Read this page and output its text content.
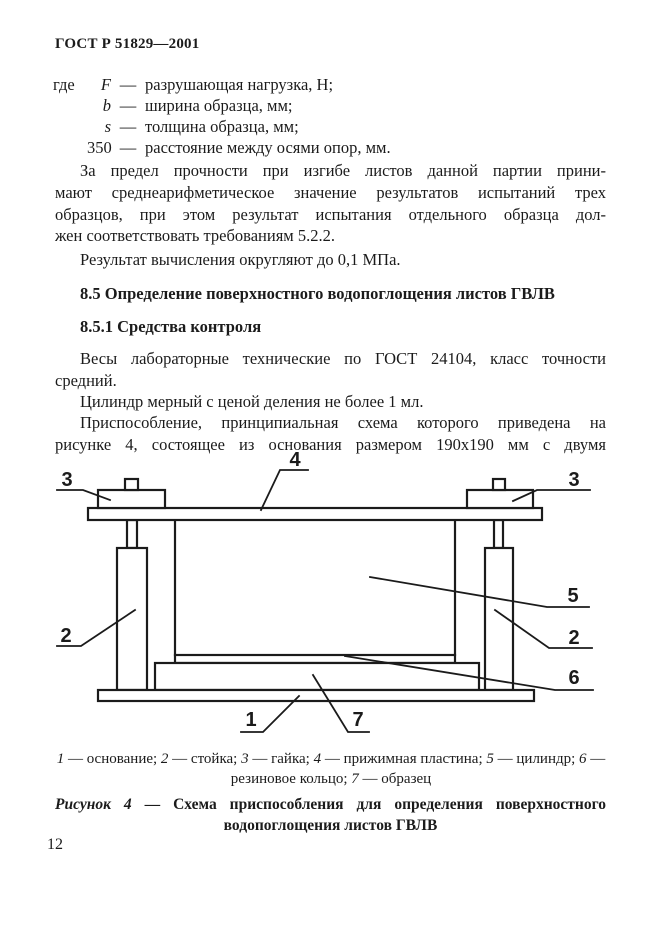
ГОСТ Р 51829—2001
где	F — разрушающая нагрузка, Н;
b — ширина образца, мм;
s — толщина образца, мм;
350 — расстояние между осями опор, мм.
За предел прочности при изгибе листов данной партии прини-
мают среднеарифметическое значение результатов испытаний трех
образцов, при этом результат испытания отдельного образца дол-
жен соответствовать требованиям 5.2.2.
Результат вычисления округляют до 0,1 МПа.
8.5 Определение поверхностного водопоглощения листов ГВЛВ
8.5.1 Средства контроля
Весы лабораторные технические по ГОСТ 24104, класс точности
средний.
Цилиндр мерный с ценой деления не более 1 мл.
Приспособление, принципиальная схема которого приведена на
рисунке 4, состоящее из основания размером 190х190 мм с двумя
3
4
3
2	2
5
6
1	7
1 — основание; 2 — стойка; 3 — гайка; 4 — прижимная пластина; 5 — цилиндр; 6 — резиновое кольцо; 7 — образец
Рисунок 4 — Схема приспособления для определения поверхностного
водопоглощения листов ГВЛВ
12
